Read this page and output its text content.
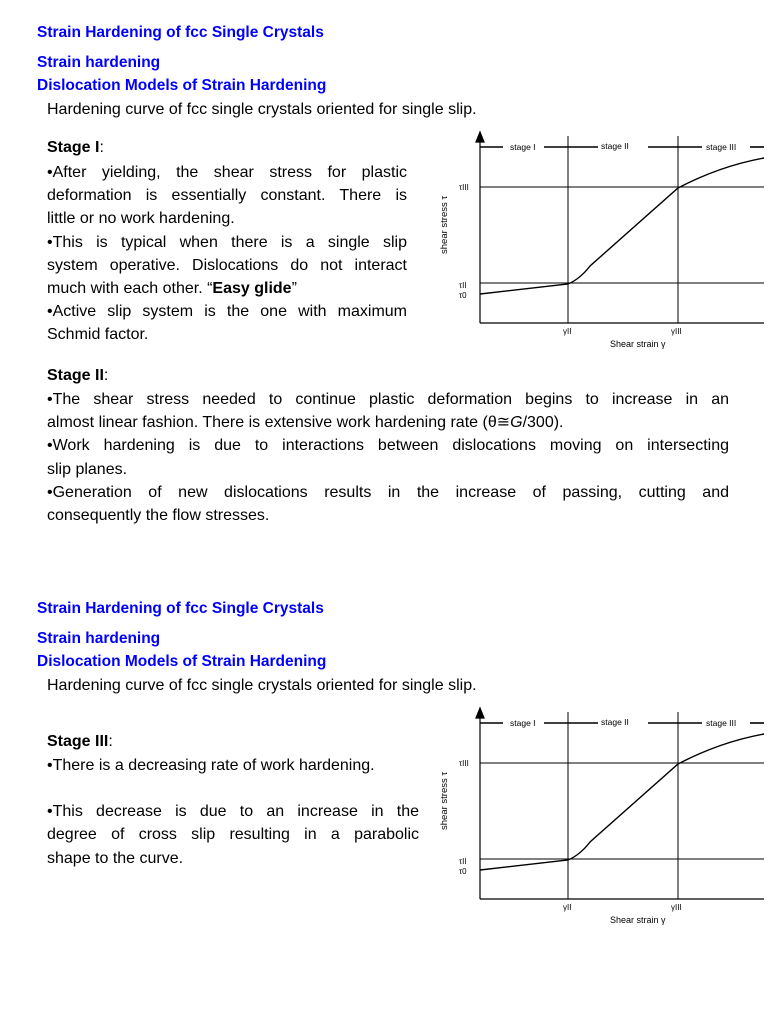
Strain Hardening of fcc Single Crystals
Strain hardening
Dislocation Models of Strain Hardening
Hardening curve of fcc single crystals oriented for single slip.
Stage I:
•After yielding, the shear stress for plastic
deformation is essentially constant. There is
little or no work hardening.
•This is typical when there is a single slip
system operative. Dislocations do not interact
much with each other. “Easy glide”
•Active slip system is the one with maximum
Schmid factor.
Stage II:
•The shear stress needed to continue plastic deformation begins to increase in an
almost linear fashion. There is extensive work hardening rate (θ≅G/300).
•Work hardening is due to interactions between dislocations moving on intersecting
slip planes.
•Generation of new dislocations results in the increase of passing, cutting and
consequently the flow stresses.
stage I	stage II	stage III
τIII
τII
τ0
γII	γIII
Shear strain γ
shear stress τ
Strain Hardening of fcc Single Crystals
Strain hardening
Dislocation Models of Strain Hardening
Hardening curve of fcc single crystals oriented for single slip.
Stage III:
•There is a decreasing rate of work hardening.
•This decrease is due to an increase in the
degree of cross slip resulting in a parabolic
shape to the curve.
stage I	stage II	stage III
τIII
τII
τ0
γII	γIII
Shear strain γ
shear stress τ
